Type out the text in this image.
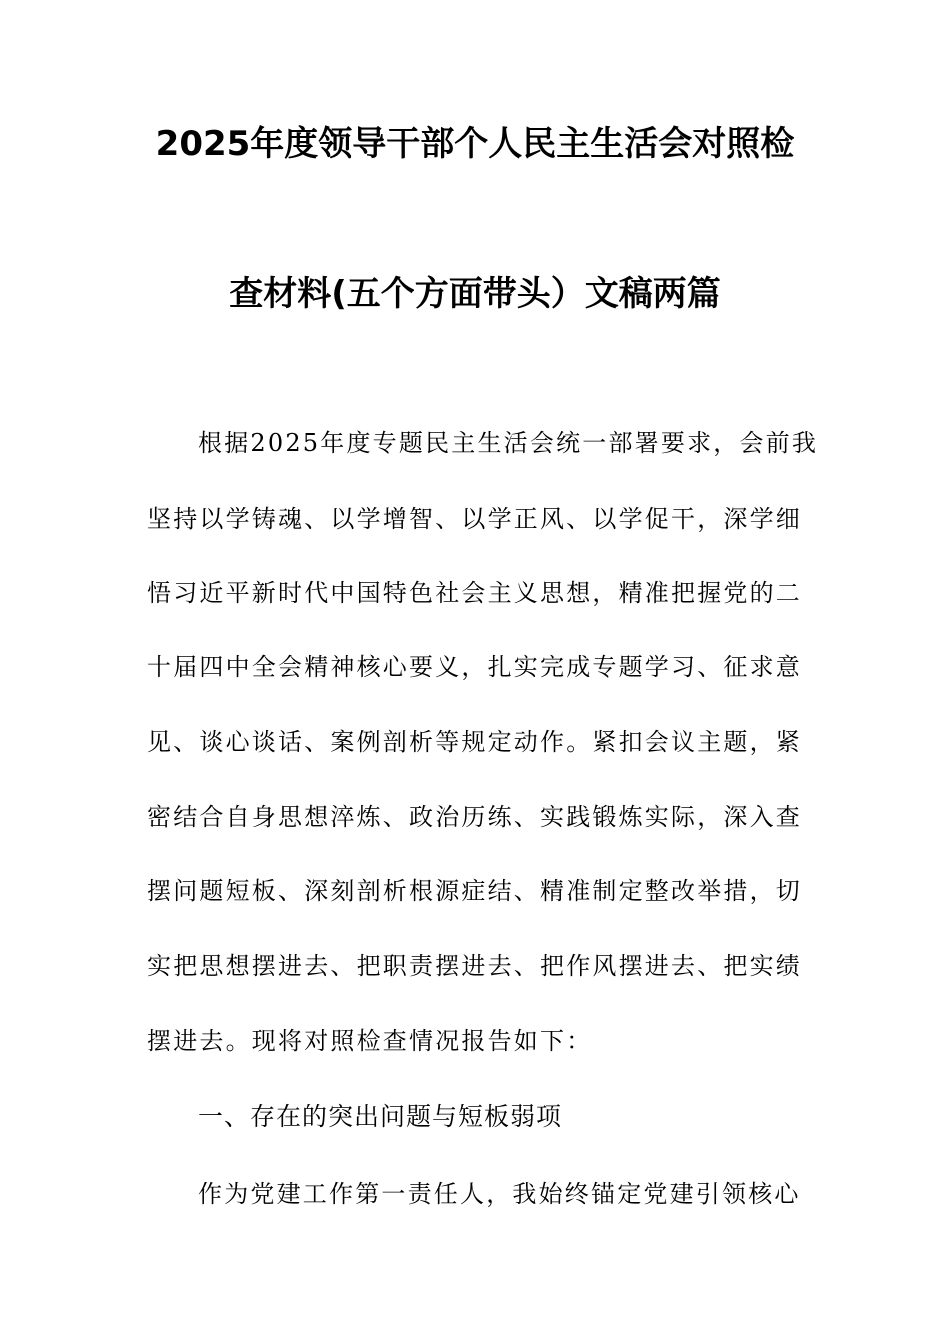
2025年度领导干部个人民主生活会对照检
查材料(五个方面带头）文稿两篇
根据2025年度专题民主生活会统一部署要求，会前我
坚持以学铸魂、以学增智、以学正风、以学促干，深学细
悟习近平新时代中国特色社会主义思想，精准把握党的二
十届四中全会精神核心要义，扎实完成专题学习、征求意
见、谈心谈话、案例剖析等规定动作。紧扣会议主题，紧
密结合自身思想淬炼、政治历练、实践锻炼实际，深入查
摆问题短板、深刻剖析根源症结、精准制定整改举措，切
实把思想摆进去、把职责摆进去、把作风摆进去、把实绩
摆进去。现将对照检查情况报告如下：
一、存在的突出问题与短板弱项
作为党建工作第一责任人，我始终锚定党建引领核心
